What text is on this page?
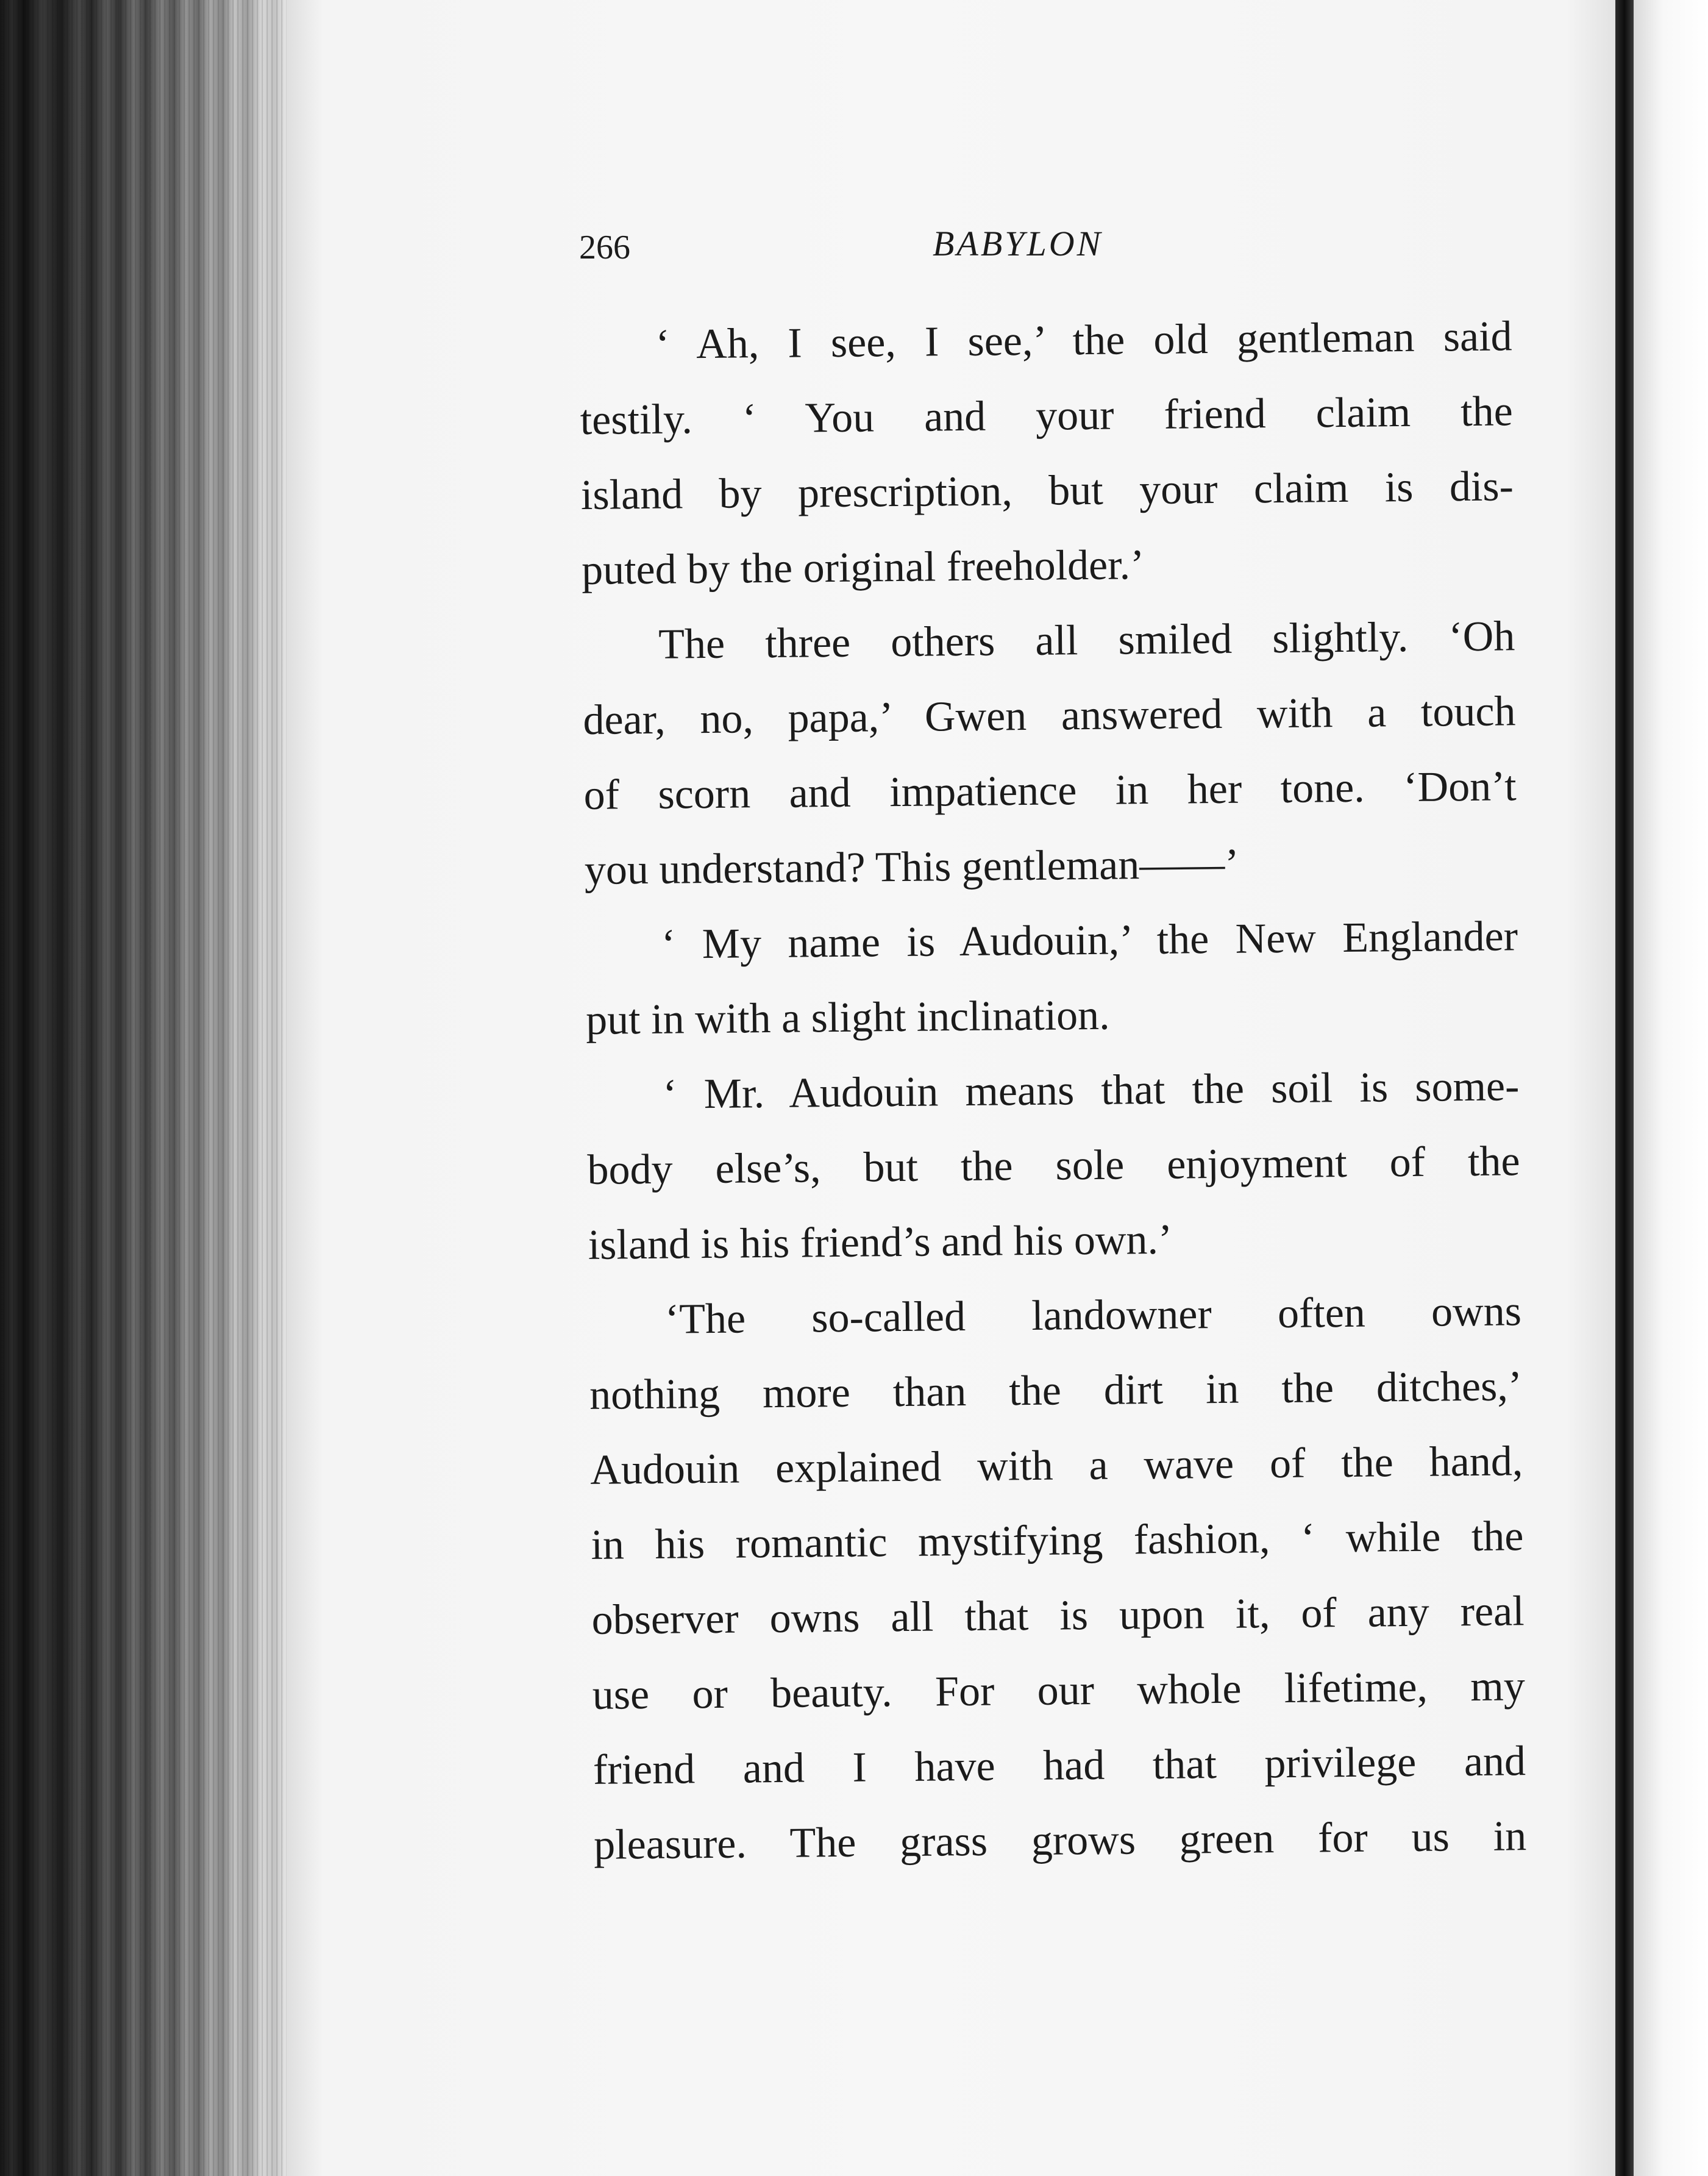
266	BABYLON
‘ Ah, I see, I see,’ the old gentleman said
testily. ‘ You and your friend claim the
island by prescription, but your claim is dis-
puted by the original freeholder.’
The three others all smiled slightly. ‘Oh
dear, no, papa,’ Gwen answered with a touch
of scorn and impatience in her tone. ‘Don’t
you understand? This gentleman——’
‘ My name is Audouin,’ the New Englander
put in with a slight inclination.
‘ Mr. Audouin means that the soil is some-
body else’s, but the sole enjoyment of the
island is his friend’s and his own.’
‘The so-called landowner often owns
nothing more than the dirt in the ditches,’
Audouin explained with a wave of the hand,
in his romantic mystifying fashion, ‘ while the
observer owns all that is upon it, of any real
use or beauty. For our whole lifetime, my
friend and I have had that privilege and
pleasure. The grass grows green for us in
